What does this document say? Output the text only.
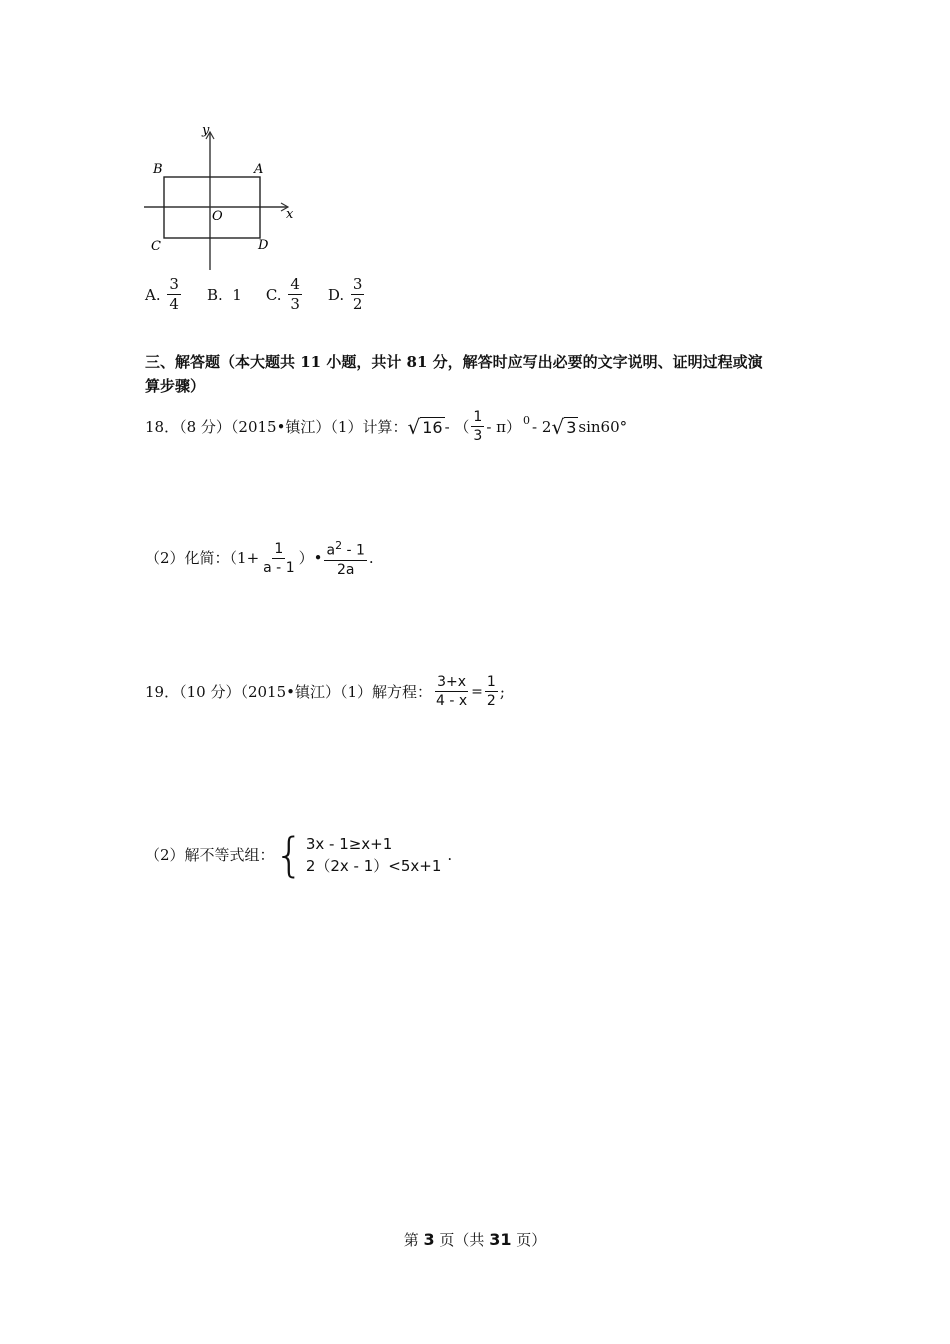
y
x
A
B
C	D
O
A.
$\frac{3}{4} B$.
1 C.
$\frac{4}{3} D$.
$\frac{3}{2}$
三、解答题（本大题共 11 小题，共计 81 分，解答时应写出必要的文字说明、证明过程或演
算步骤）
18．（8 分）（2015•镇江）（1）计算： √ 16 - （ $\frac{1}{3} - \pi)^0 - 2$ √ 3 sin60°
（2）化简：（$1+ \frac{1}{a - 1}$ ）• $\frac{a^2 - 1}{2a}$ .
19．（10 分）（2015•镇江）（1）解方程： $\frac{3+x}{4 - x} = \frac{1}{2}$ ;
（2）解不等式组： { 3x - 1≥x+1
2（2x - 1）<5x+1
.
第 3 页（共 31 页）
